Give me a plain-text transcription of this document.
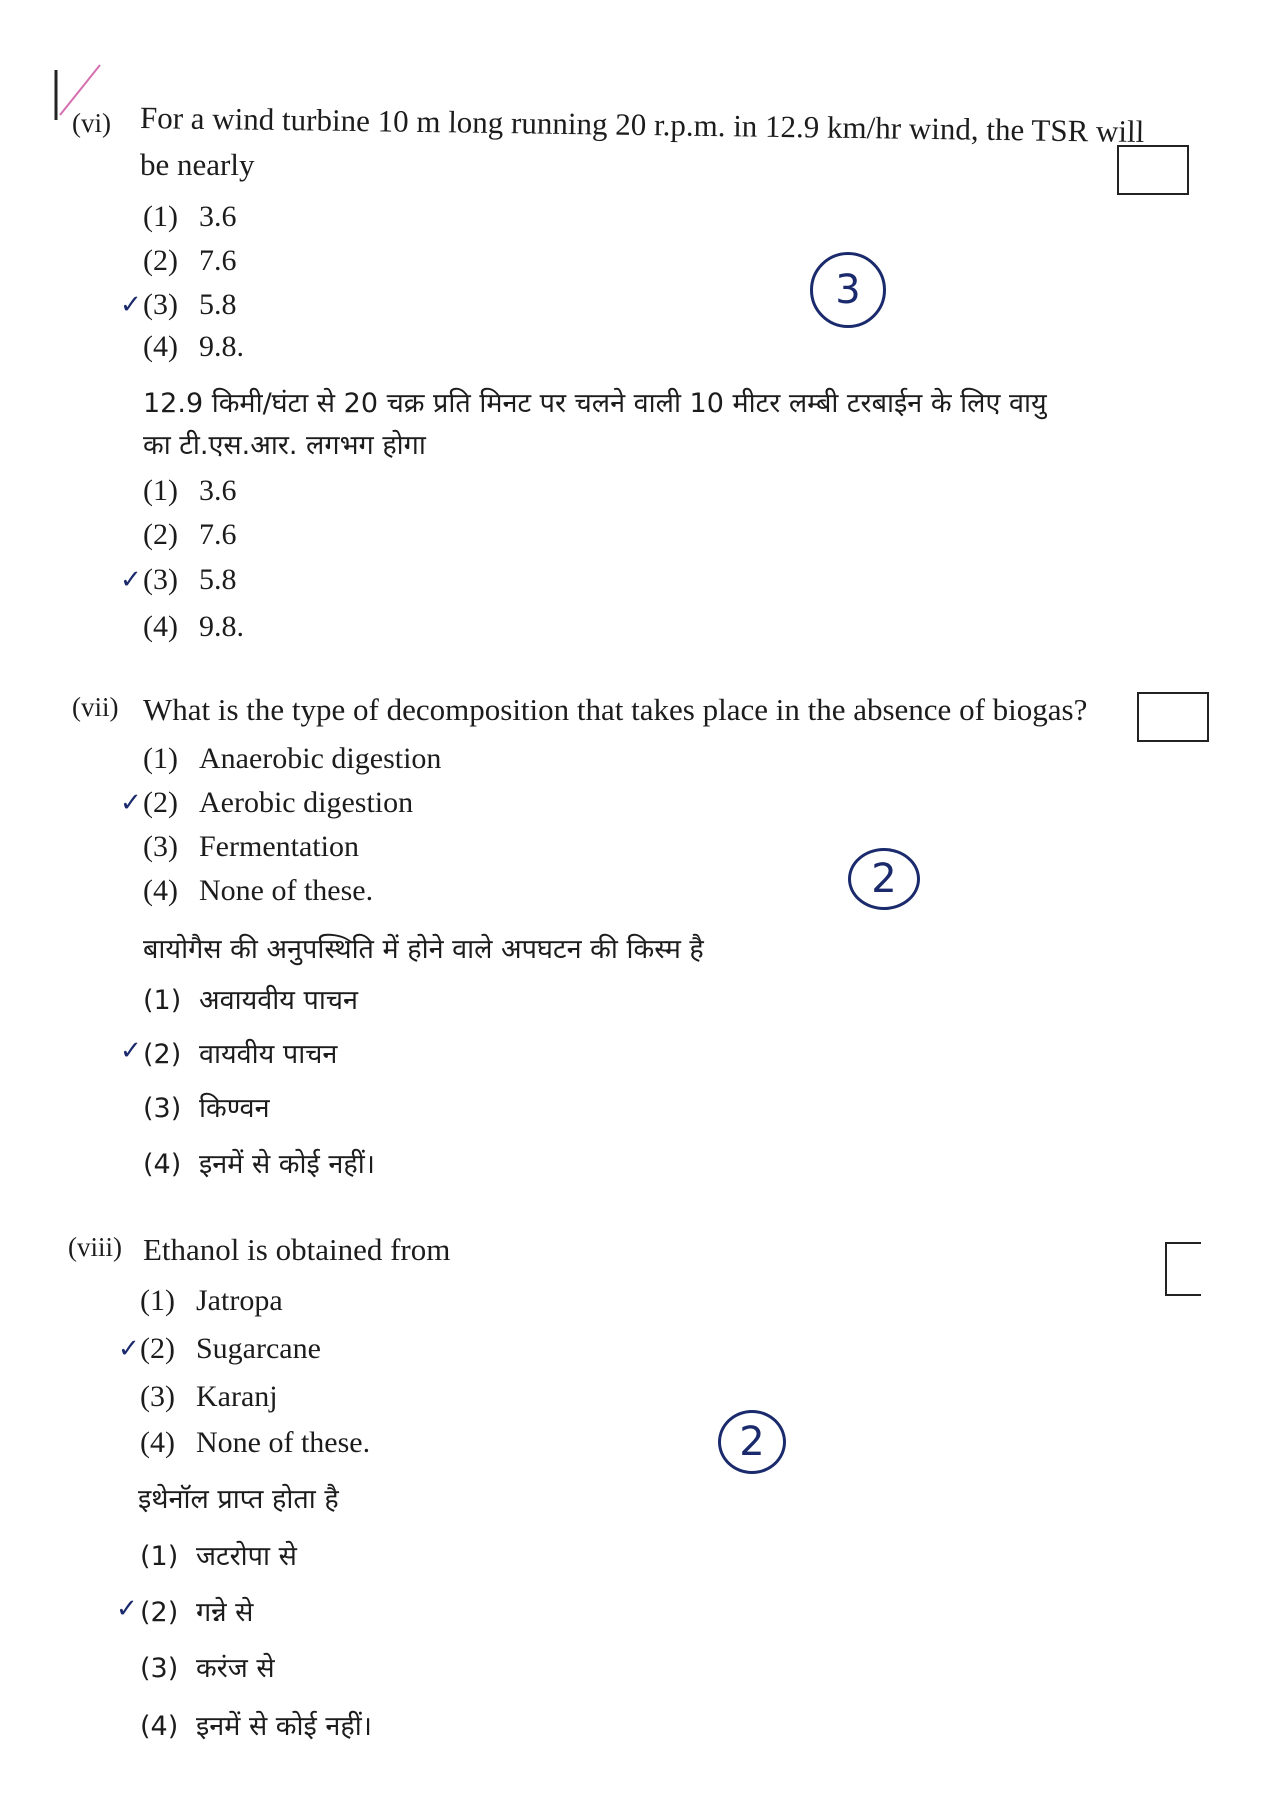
(vi) For a wind turbine 10 m long running 20 r.p.m. in 12.9 km/hr wind, the TSR will
be nearly
(1) 3.6
(2) 7.6
(3) 5.8
(4) 9.8.
✓	3
12.9 किमी/घंटा से 20 चक्र प्रति मिनट पर चलने वाली 10 मीटर लम्बी टरबाईन के लिए वायु
का टी.एस.आर. लगभग होगा
(1) 3.6
(2) 7.6
(3) 5.8
(4) 9.8.
✓
(vii) What is the type of decomposition that takes place in the absence of biogas?
(1) Anaerobic digestion
(2) Aerobic digestion
(3) Fermentation
(4) None of these.
✓
2
बायोगैस की अनुपस्थिति में होने वाले अपघटन की किस्म है
(1) अवायवीय पाचन
(2) वायवीय पाचन
(3) किण्वन
(4) इनमें से कोई नहीं।
✓
(viii) Ethanol is obtained from
(1) Jatropa
(2) Sugarcane
(3) Karanj
(4) None of these.
✓
2
इथेनॉल प्राप्त होता है
(1) जटरोपा से
(2) गन्ने से
(3) करंज से
(4) इनमें से कोई नहीं।
✓
